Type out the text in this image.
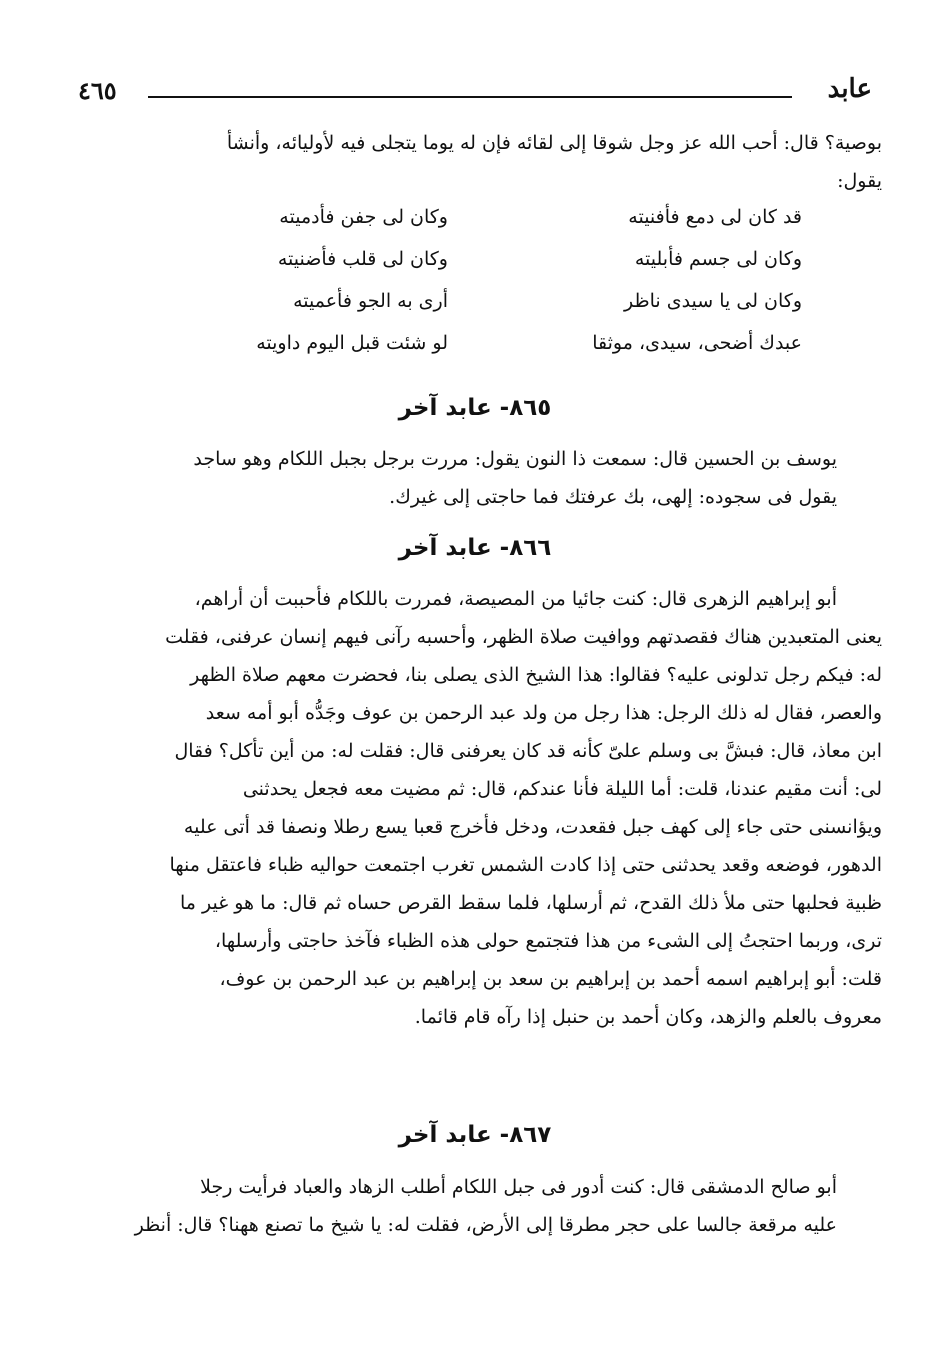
عابد
٤٦٥
بوصية؟ قال: أحب الله عز وجل شوقا إلى لقائه فإن له يوما يتجلى فيه لأوليائه، وأنشأ
يقول:
قد كان لى دمع فأفنيته
وكان لى جفن فأدميته
وكان لى جسم فأبليته
وكان لى قلب فأضنيته
وكان لى يا سيدى ناظر
أرى به الجو فأعميته
عبدك أضحى، سيدى، موثقا
لو شئت قبل اليوم داويته
٨٦٥- عابد آخر
يوسف بن الحسين قال: سمعت ذا النون يقول: مررت برجل بجبل اللكام وهو ساجد
يقول فى سجوده: إلهى، بك عرفتك فما حاجتى إلى غيرك.
٨٦٦- عابد آخر
أبو إبراهيم الزهرى قال: كنت جائيا من المصيصة، فمررت باللكام فأحببت أن أراهم،
يعنى المتعبدين هناك فقصدتهم ووافيت صلاة الظهر، وأحسبه رآنى فيهم إنسان عرفنى، فقلت
له: فيكم رجل تدلونى عليه؟ فقالوا: هذا الشيخ الذى يصلى بنا، فحضرت معهم صلاة الظهر
والعصر، فقال له ذلك الرجل: هذا رجل من ولد عبد الرحمن بن عوف وجَدُّه أبو أمه سعد
ابن معاذ، قال: فبشَّ بى وسلم علىّ كأنه قد كان يعرفنى قال: فقلت له: من أين تأكل؟ فقال
لى: أنت مقيم عندنا، قلت: أما الليلة فأنا عندكم، قال: ثم مضيت معه فجعل يحدثنى
ويؤانسنى حتى جاء إلى كهف جبل فقعدت، ودخل فأخرج قعبا يسع رطلا ونصفا قد أتى عليه
الدهور، فوضعه وقعد يحدثنى حتى إذا كادت الشمس تغرب اجتمعت حواليه ظباء فاعتقل منها
ظبية فحلبها حتى ملأ ذلك القدح، ثم أرسلها، فلما سقط القرص حساه ثم قال: ما هو غير ما
ترى، وربما احتجتُ إلى الشىء من هذا فتجتمع حولى هذه الظباء فآخذ حاجتى وأرسلها،
قلت: أبو إبراهيم اسمه أحمد بن إبراهيم بن سعد بن إبراهيم بن عبد الرحمن بن عوف،
معروف بالعلم والزهد، وكان أحمد بن حنبل إذا رآه قام قائما.
٨٦٧- عابد آخر
أبو صالح الدمشقى قال: كنت أدور فى جبل اللكام أطلب الزهاد والعباد فرأيت رجلا
عليه مرقعة جالسا على حجر مطرقا إلى الأرض، فقلت له: يا شيخ ما تصنع ههنا؟ قال: أنظر
